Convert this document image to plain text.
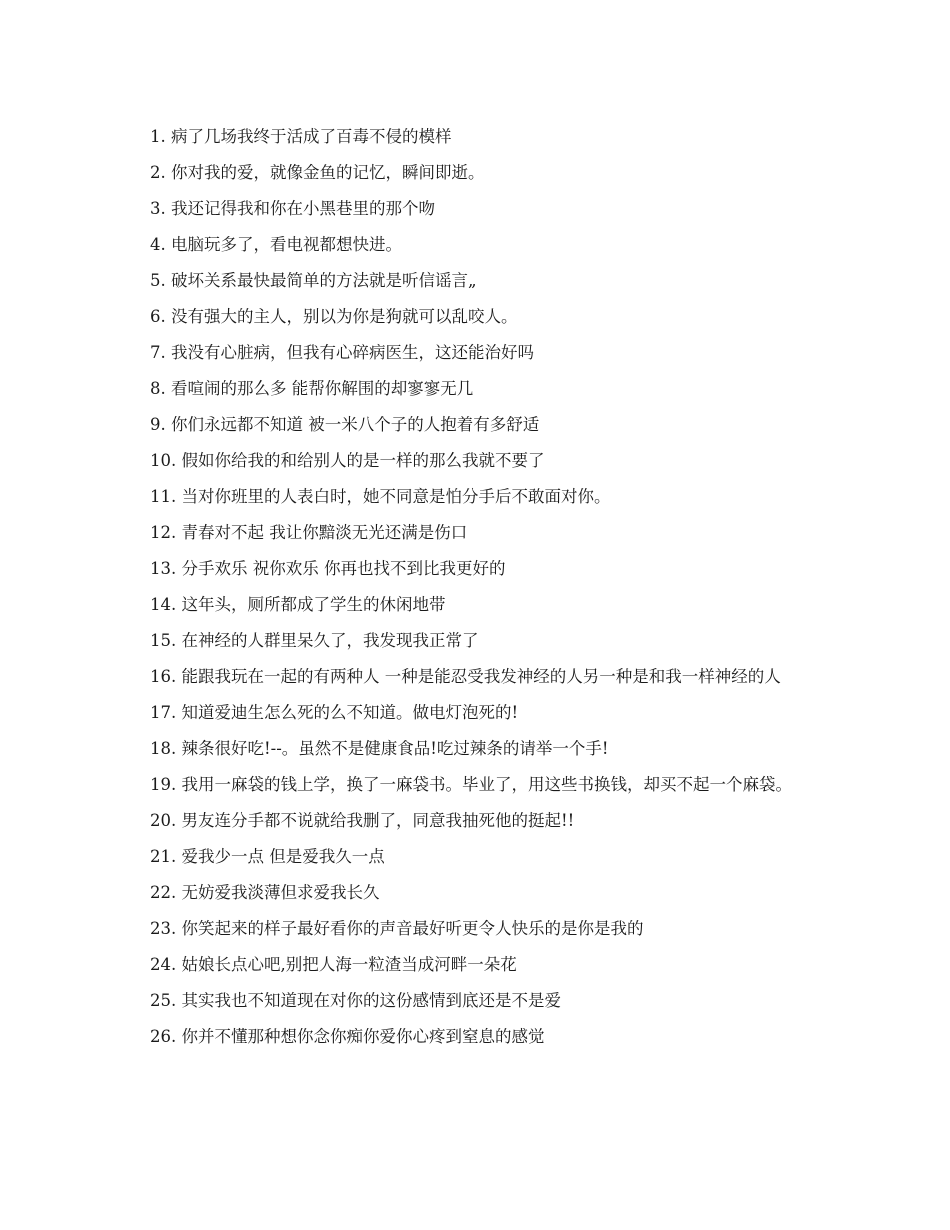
1. 病了几场我终于活成了百毒不侵的模样

2. 你对我的爱，就像金鱼的记忆，瞬间即逝。

3. 我还记得我和你在小黑巷里的那个吻

4. 电脑玩多了，看电视都想快进。

5. 破坏关系最快最简单的方法就是听信谣言„

6. 没有强大的主人，别以为你是狗就可以乱咬人。

7. 我没有心脏病，但我有心碎病医生，这还能治好吗

8. 看喧闹的那么多 能帮你解围的却寥寥无几

9. 你们永远都不知道 被一米八个子的人抱着有多舒适

10. 假如你给我的和给别人的是一样的那么我就不要了

11. 当对你班里的人表白时，她不同意是怕分手后不敢面对你。

12. 青春对不起 我让你黯淡无光还满是伤口

13. 分手欢乐 祝你欢乐 你再也找不到比我更好的

14. 这年头，厕所都成了学生的休闲地带

15. 在神经的人群里呆久了，我发现我正常了

16. 能跟我玩在一起的有两种人 一种是能忍受我发神经的人另一种是和我一样神经的人

17. 知道爱迪生怎么死的么不知道。做电灯泡死的!

18. 辣条很好吃!--。虽然不是健康食品!吃过辣条的请举一个手!

19. 我用一麻袋的钱上学，换了一麻袋书。毕业了，用这些书换钱，却买不起一个麻袋。

20. 男友连分手都不说就给我删了，同意我抽死他的挺起!!

21. 爱我少一点 但是爱我久一点

22. 无妨爱我淡薄但求爱我长久

23. 你笑起来的样子最好看你的声音最好听更令人快乐的是你是我的

24. 姑娘长点心吧,别把人海一粒渣当成河畔一朵花

25. 其实我也不知道现在对你的这份感情到底还是不是爱

26. 你并不懂那种想你念你痴你爱你心疼到窒息的感觉
